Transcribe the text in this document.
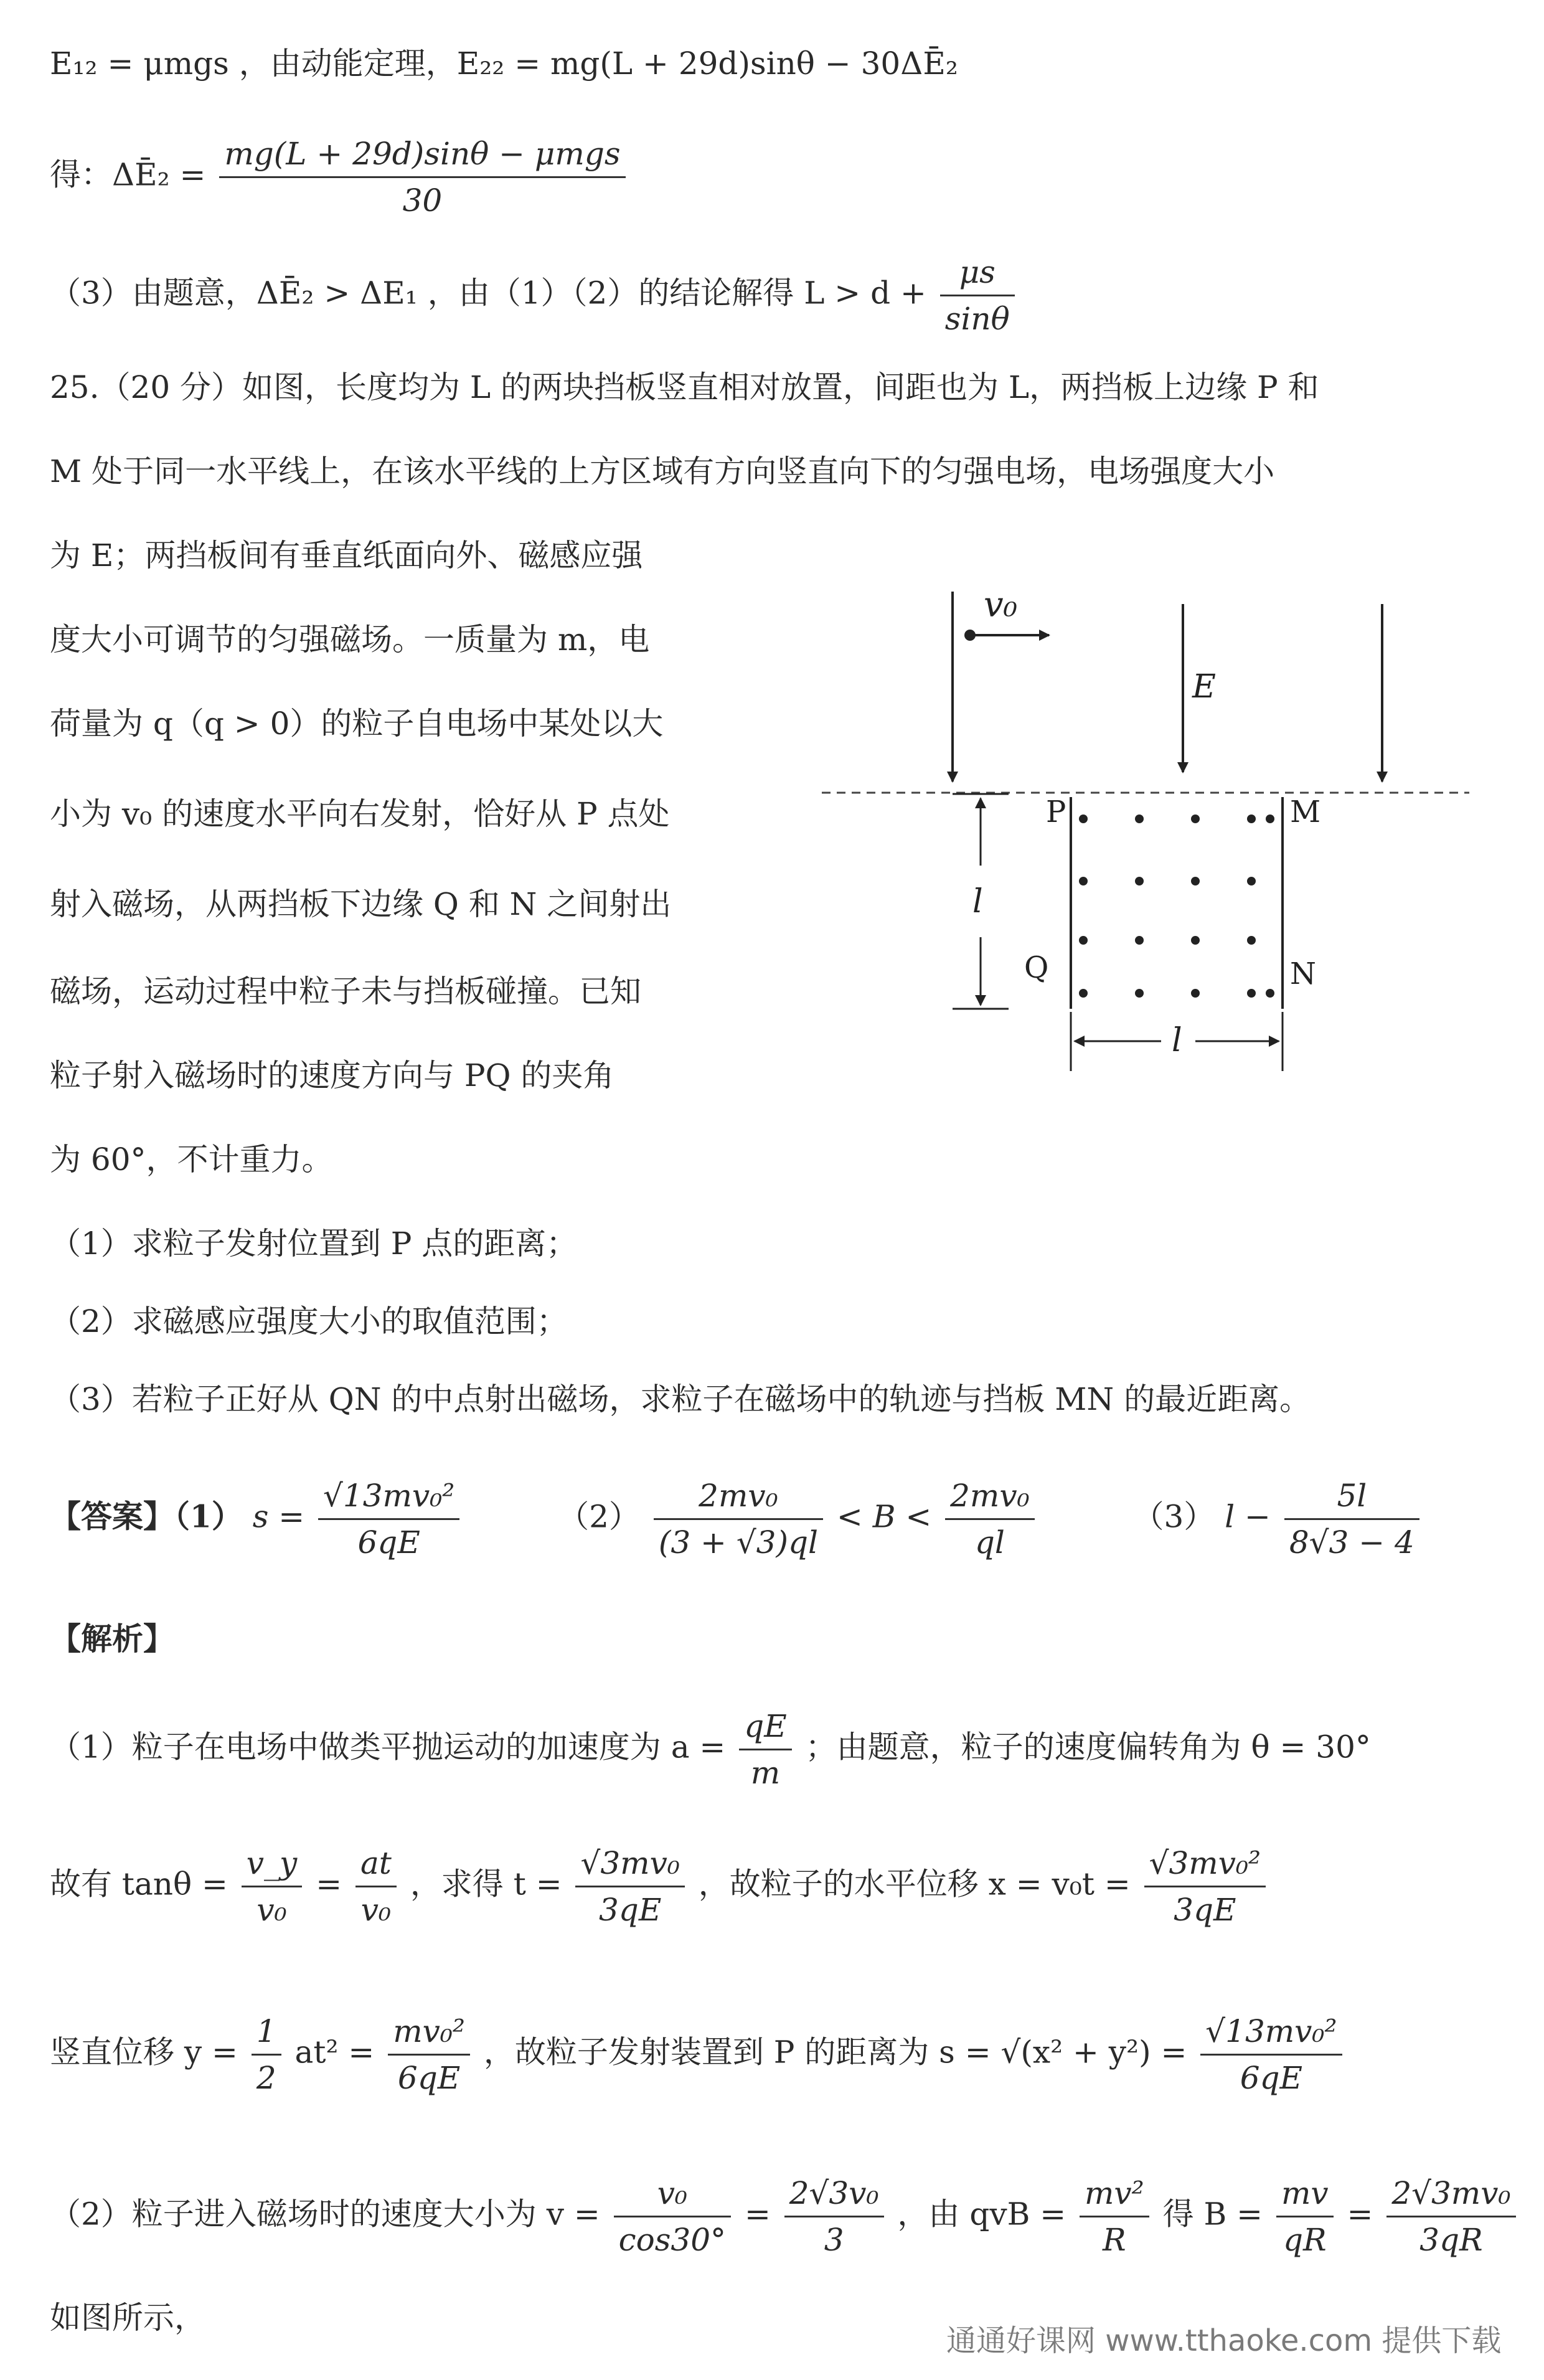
E₁₂ = μmgs ，由动能定理，E₂₂ = mg(L + 29d)sinθ − 30ΔĒ₂
得：ΔĒ₂ = $\frac{\text{mg(L + 29d)sinθ − μmgs}}{30}$
（3）由题意，ΔĒ₂ > ΔE₁ ，由（1）（2）的结论解得 $L > d + \frac{\mu s}{\sin\theta}$
25.（20 分）如图，长度均为 L 的两块挡板竖直相对放置，间距也为 L，两挡板上边缘 P 和
M 处于同一水平线上，在该水平线的上方区域有方向竖直向下的匀强电场，电场强度大小
为 E；两挡板间有垂直纸面向外、磁感应强
度大小可调节的匀强磁场。一质量为 m，电
荷量为 q（q > 0）的粒子自电场中某处以大
小为 v₀ 的速度水平向右发射，恰好从 P 点处
射入磁场，从两挡板下边缘 Q 和 N 之间射出
磁场，运动过程中粒子未与挡板碰撞。已知
粒子射入磁场时的速度方向与 PQ 的夹角
为 60°，不计重力。
v₀
E
P	M
Q	N
l
l
（1）求粒子发射位置到 P 点的距离；
（2）求磁感应强度大小的取值范围；
（3）若粒子正好从 QN 的中点射出磁场，求粒子在磁场中的轨迹与挡板 MN 的最近距离。
【答案】（1） $s = \frac{\text{√13mv₀²}}{6qE}$	$(2) \frac{\text{2mv₀}}{(3 + √3)ql} < B < \frac{\text{2mv₀}}{ql}$	（3） $l - \frac{5l}{8√3 - 4}$
【解析】
（1）粒子在电场中做类平抛运动的加速度为 $a = \frac{qE}{m}$ ；由题意，粒子的速度偏转角为 θ = 30°
故有 $\tan\theta = \frac{v\_y}{\text{v₀}} = \frac{at}{\text{v₀}}$ ，求得 $t = \frac{\text{√3mv₀}}{3qE}$ ，故粒子的水平位移 $x = v_0t = \frac{\text{√3mv₀²}}{3qE}$
竖直位移 $y = \frac{1}{2} at^2 = \frac{\text{mv₀²}}{6qE}$ ，故粒子发射装置到 P 的距离为 $s = √(x^2 + y^2) = \frac{\text{√13mv₀²}}{6qE}$
（2）粒子进入磁场时的速度大小为 $v = \frac{\text{v₀}}{\cos 30^\circ} = \frac{\text{2√3v₀}}{3}$ ，由 qvB = $\frac{\text{mv²}}{R}$ 得 $B = \frac{mv}{qR} = \frac{\text{2√3mv₀}}{3qR}$
如图所示，
通通好课网 www.tthaoke.com 提供下载
